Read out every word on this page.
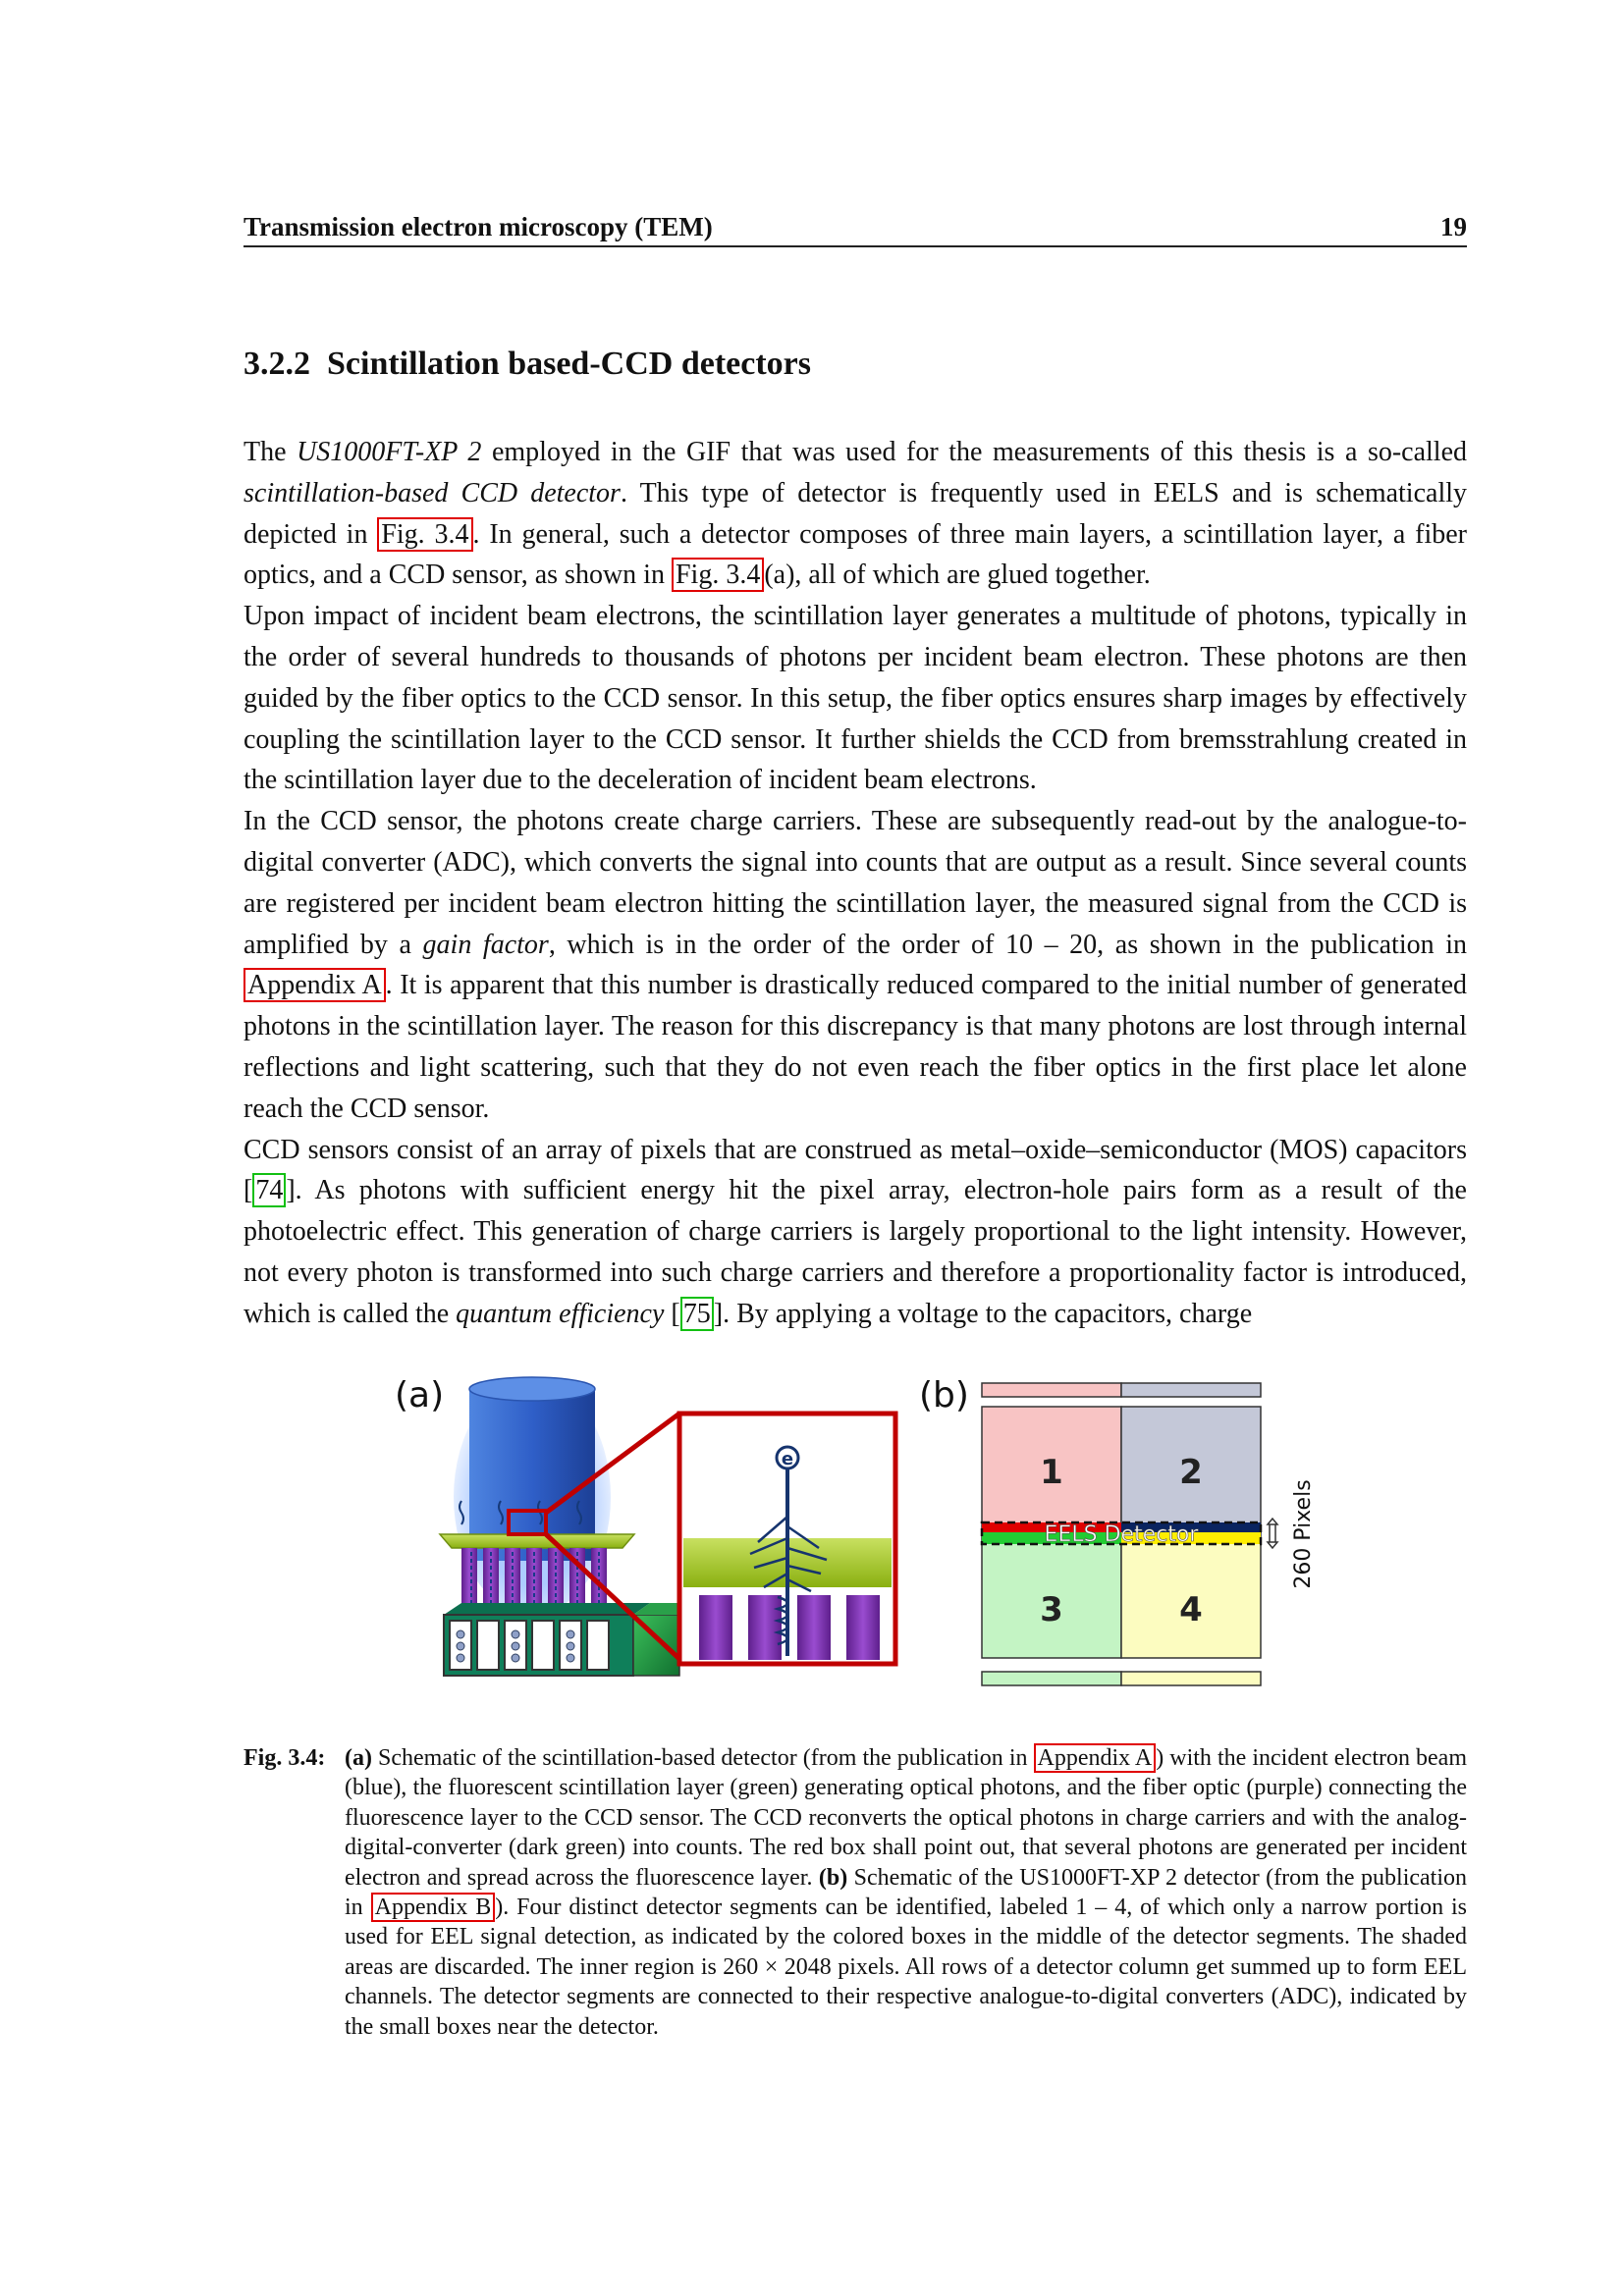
Transmission electron microscopy (TEM)	19
3.2.2 Scintillation based-CCD detectors

The US1000FT-XP 2 employed in the GIF that was used for the measurements of this thesis is a so-called scintillation-based CCD detector. This type of detector is frequently used in EELS and is schematically depicted in Fig. 3.4 . In general, such a detector composes of three main layers, a scintillation layer, a fiber optics, and a CCD sensor, as shown in Fig. 3.4 (a), all of which are glued together.

Upon impact of incident beam electrons, the scintillation layer generates a multitude of photons, typically in the order of several hundreds to thousands of photons per incident beam electron. These photons are then guided by the fiber optics to the CCD sensor. In this setup, the fiber optics ensures sharp images by effectively coupling the scintillation layer to the CCD sensor. It further shields the CCD from bremsstrahlung created in the scintillation layer due to the deceleration of incident beam electrons.

In the CCD sensor, the photons create charge carriers. These are subsequently read-out by the analogue-to-digital converter (ADC), which converts the signal into counts that are output as a result. Since several counts are registered per incident beam electron hitting the scintillation layer, the measured signal from the CCD is amplified by a gain factor, which is in the order of the order of 10 – 20, as shown in the publication in Appendix A . It is apparent that this number is drastically reduced compared to the initial number of generated photons in the scintillation layer. The reason for this discrepancy is that many photons are lost through internal reflections and light scattering, such that they do not even reach the fiber optics in the first place let alone reach the CCD sensor.

CCD sensors consist of an array of pixels that are construed as metal–oxide–semiconductor (MOS) capacitors [ 74 ]. As photons with sufficient energy hit the pixel array, electron-hole pairs form as a result of the photoelectric effect. This generation of charge carriers is largely proportional to the light intensity. However, not every photon is transformed into such charge carriers and therefore a proportionality factor is introduced, which is called the quantum efficiency [ 75 ]. By applying a voltage to the capacitors, charge

(a)
e
(b)
1	2
3	4
EELS Detector	260 Pixels
Fig. 3.4: (a) Schematic of the scintillation-based detector (from the publication in Appendix A ) with the incident electron beam (blue), the fluorescent scintillation layer (green) generating optical photons, and the fiber optic (purple) connecting the fluorescence layer to the CCD sensor. The CCD reconverts the optical photons in charge carriers and with the analog-digital-converter (dark green) into counts. The red box shall point out, that several photons are generated per incident electron and spread across the fluorescence layer. (b) Schematic of the US1000FT-XP 2 detector (from the publication in Appendix B ). Four distinct detector segments can be identified, labeled 1 – 4, of which only a narrow portion is used for EEL signal detection, as indicated by the colored boxes in the middle of the detector segments. The shaded areas are discarded. The inner region is 260 × 2048 pixels. All rows of a detector column get summed up to form EEL channels. The detector segments are connected to their respective analogue-to-digital converters (ADC), indicated by the small boxes near the detector.
